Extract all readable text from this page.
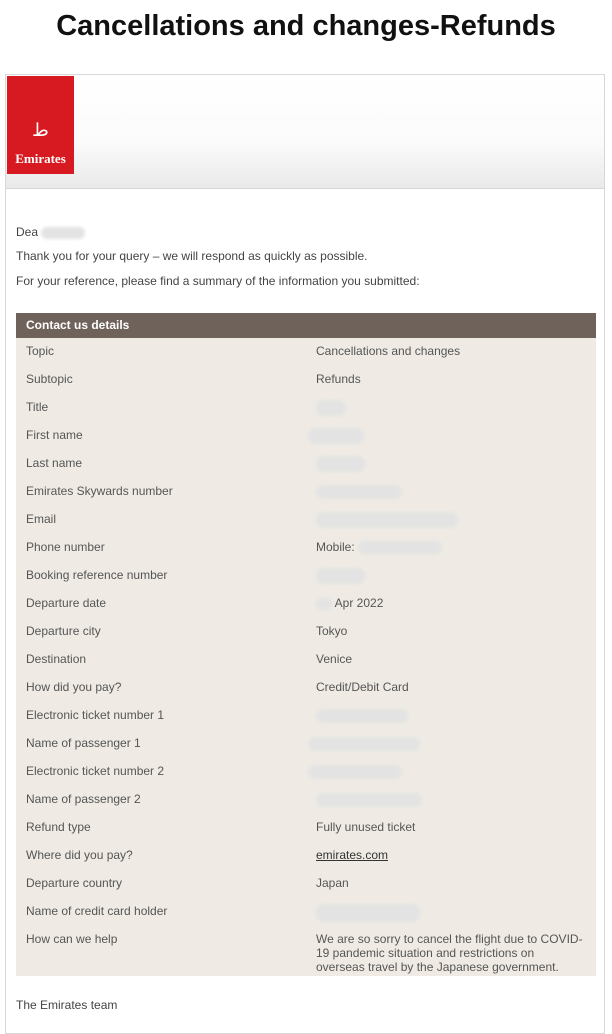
Cancellations and changes-Refunds
ط
Emirates
Dea
Thank you for your query – we will respond as quickly as possible.
For your reference, please find a summary of the information you submitted:
Contact us details
Topic	Cancellations and changes
Subtopic	Refunds
Title
First name
Last name
Emirates Skywards number
Email
Phone number	Mobile:
Booking reference number
Departure date	Apr 2022
Departure city	Tokyo
Destination	Venice
How did you pay?	Credit/Debit Card
Electronic ticket number 1
Name of passenger 1
Electronic ticket number 2
Name of passenger 2
Refund type	Fully unused ticket
Where did you pay?	emirates.com
Departure country	Japan
Name of credit card holder
How can we help	We are so sorry to cancel the flight due to COVID-19 pandemic situation and restrictions on overseas travel by the Japanese government.
The Emirates team
